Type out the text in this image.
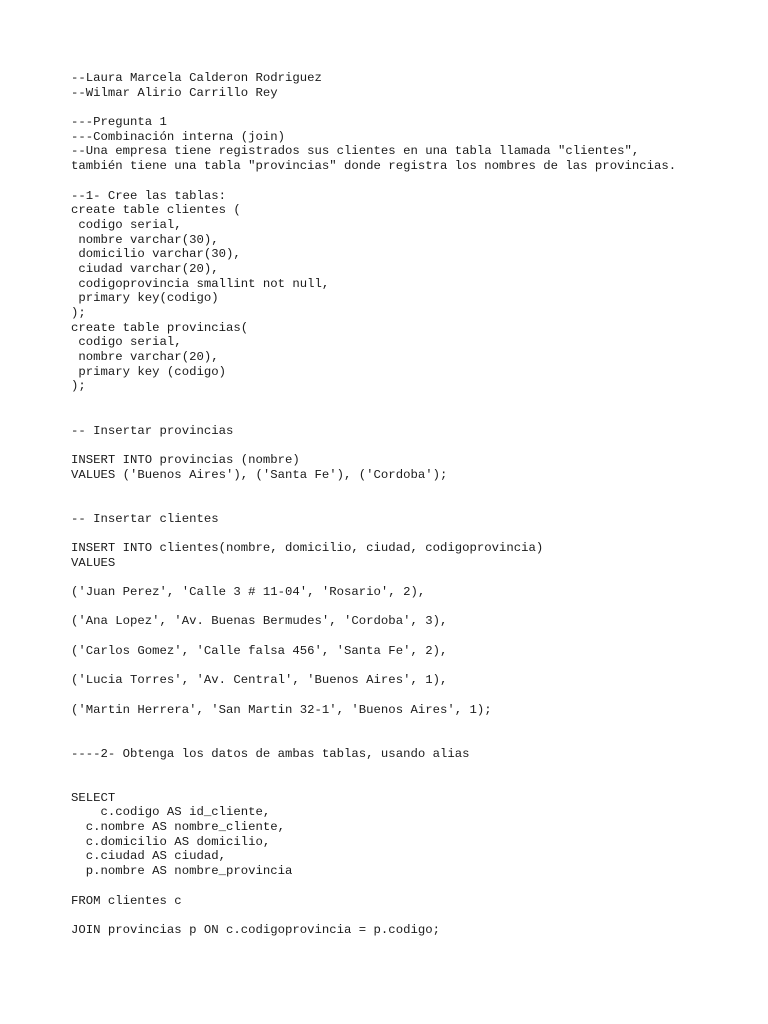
--Laura Marcela Calderon Rodriguez
--Wilmar Alirio Carrillo Rey
---Pregunta 1
---Combinación interna (join)
--Una empresa tiene registrados sus clientes en una tabla llamada "clientes",
también tiene una tabla "provincias" donde registra los nombres de las provincias.
--1- Cree las tablas:
create table clientes (
codigo serial,
nombre varchar(30),
domicilio varchar(30),
ciudad varchar(20),
codigoprovincia smallint not null,
primary key(codigo)
);
create table provincias(
codigo serial,
nombre varchar(20),
primary key (codigo)
);
-- Insertar provincias
INSERT INTO provincias (nombre)
VALUES ('Buenos Aires'), ('Santa Fe'), ('Cordoba');
-- Insertar clientes
INSERT INTO clientes(nombre, domicilio, ciudad, codigoprovincia)
VALUES
('Juan Perez', 'Calle 3 # 11-04', 'Rosario', 2),
('Ana Lopez', 'Av. Buenas Bermudes', 'Cordoba', 3),
('Carlos Gomez', 'Calle falsa 456', 'Santa Fe', 2),
('Lucia Torres', 'Av. Central', 'Buenos Aires', 1),
('Martin Herrera', 'San Martin 32-1', 'Buenos Aires', 1);
----2- Obtenga los datos de ambas tablas, usando alias
SELECT
c.codigo AS id_cliente,
c.nombre AS nombre_cliente,
c.domicilio AS domicilio,
c.ciudad AS ciudad,
p.nombre AS nombre_provincia
FROM clientes c
JOIN provincias p ON c.codigoprovincia = p.codigo;
